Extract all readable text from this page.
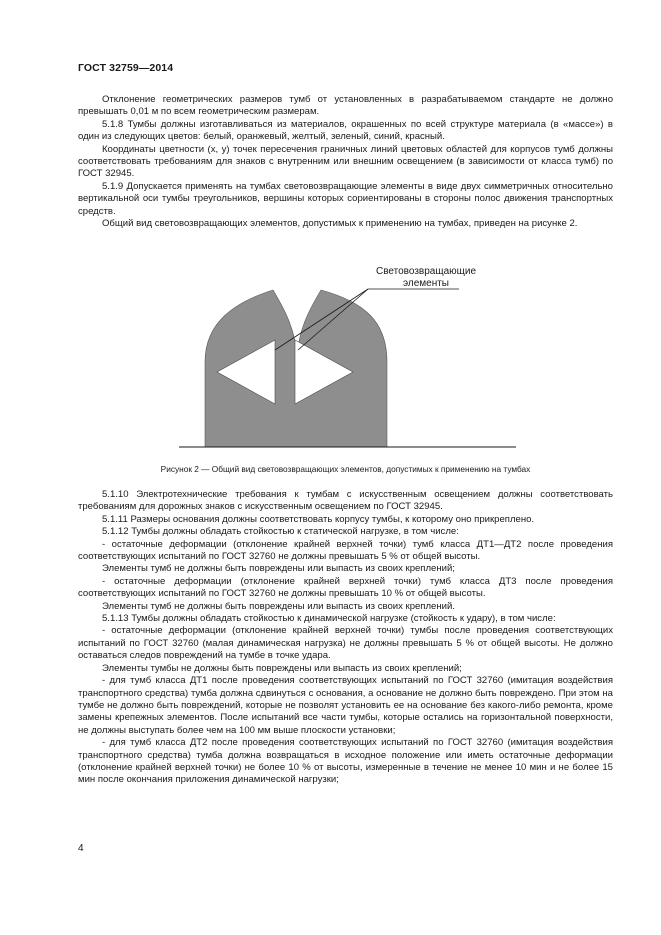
ГОСТ 32759—2014

Отклонение геометрических размеров тумб от установленных в разрабатываемом стандарте не должно превышать 0,01 м по всем геометрическим размерам.

5.1.8 Тумбы должны изготавливаться из материалов, окрашенных по всей структуре материала (в «массе») в один из следующих цветов: белый, оранжевый, желтый, зеленый, синий, красный.

Координаты цветности (x, y) точек пересечения граничных линий цветовых областей для корпусов тумб должны соответствовать требованиям для знаков с внутренним или внешним освещением (в зависимости от класса тумб) по ГОСТ 32945.

5.1.9 Допускается применять на тумбах световозвращающие элементы в виде двух симметричных относительно вертикальной оси тумбы треугольников, вершины которых сориентированы в стороны полос движения транспортных средств.

Общий вид световозвращающих элементов, допустимых к применению на тумбах, приведен на рисунке 2.

Световозвращающие
элементы
Рисунок 2 — Общий вид световозвращающих элементов, допустимых к применению на тумбах

5.1.10 Электротехнические требования к тумбам с искусственным освещением должны соответствовать требованиям для дорожных знаков с искусственным освещением по ГОСТ 32945.

5.1.11 Размеры основания должны соответствовать корпусу тумбы, к которому оно прикреплено.

5.1.12 Тумбы должны обладать стойкостью к статической нагрузке, в том числе:

- остаточные деформации (отклонение крайней верхней точки) тумб класса ДТ1—ДТ2 после проведения соответствующих испытаний по ГОСТ 32760 не должны превышать 5 % от общей высоты.

Элементы тумб не должны быть повреждены или выпасть из своих креплений;

- остаточные деформации (отклонение крайней верхней точки) тумб класса ДТ3 после проведения соответствующих испытаний по ГОСТ 32760 не должны превышать 10 % от общей высоты.

Элементы тумб не должны быть повреждены или выпасть из своих креплений.

5.1.13 Тумбы должны обладать стойкостью к динамической нагрузке (стойкость к удару), в том числе:

- остаточные деформации (отклонение крайней верхней точки) тумбы после проведения соответствующих испытаний по ГОСТ 32760 (малая динамическая нагрузка) не должны превышать 5 % от общей высоты. Не должно оставаться следов повреждений на тумбе в точке удара.

Элементы тумбы не должны быть повреждены или выпасть из своих креплений;

- для тумб класса ДТ1 после проведения соответствующих испытаний по ГОСТ 32760 (имитация воздействия транспортного средства) тумба должна сдвинуться с основания, а основание не должно быть повреждено. При этом на тумбе не должно быть повреждений, которые не позволят установить ее на основание без какого-либо ремонта, кроме замены крепежных элементов. После испытаний все части тумбы, которые остались на горизонтальной поверхности, не должны выступать более чем на 100 мм выше плоскости установки;

- для тумб класса ДТ2 после проведения соответствующих испытаний по ГОСТ 32760 (имитация воздействия транспортного средства) тумба должна возвращаться в исходное положение или иметь остаточные деформации (отклонение крайней верхней точки) не более 10 % от высоты, измеренные в течение не менее 10 мин и не более 15 мин после окончания приложения динамической нагрузки;

4
